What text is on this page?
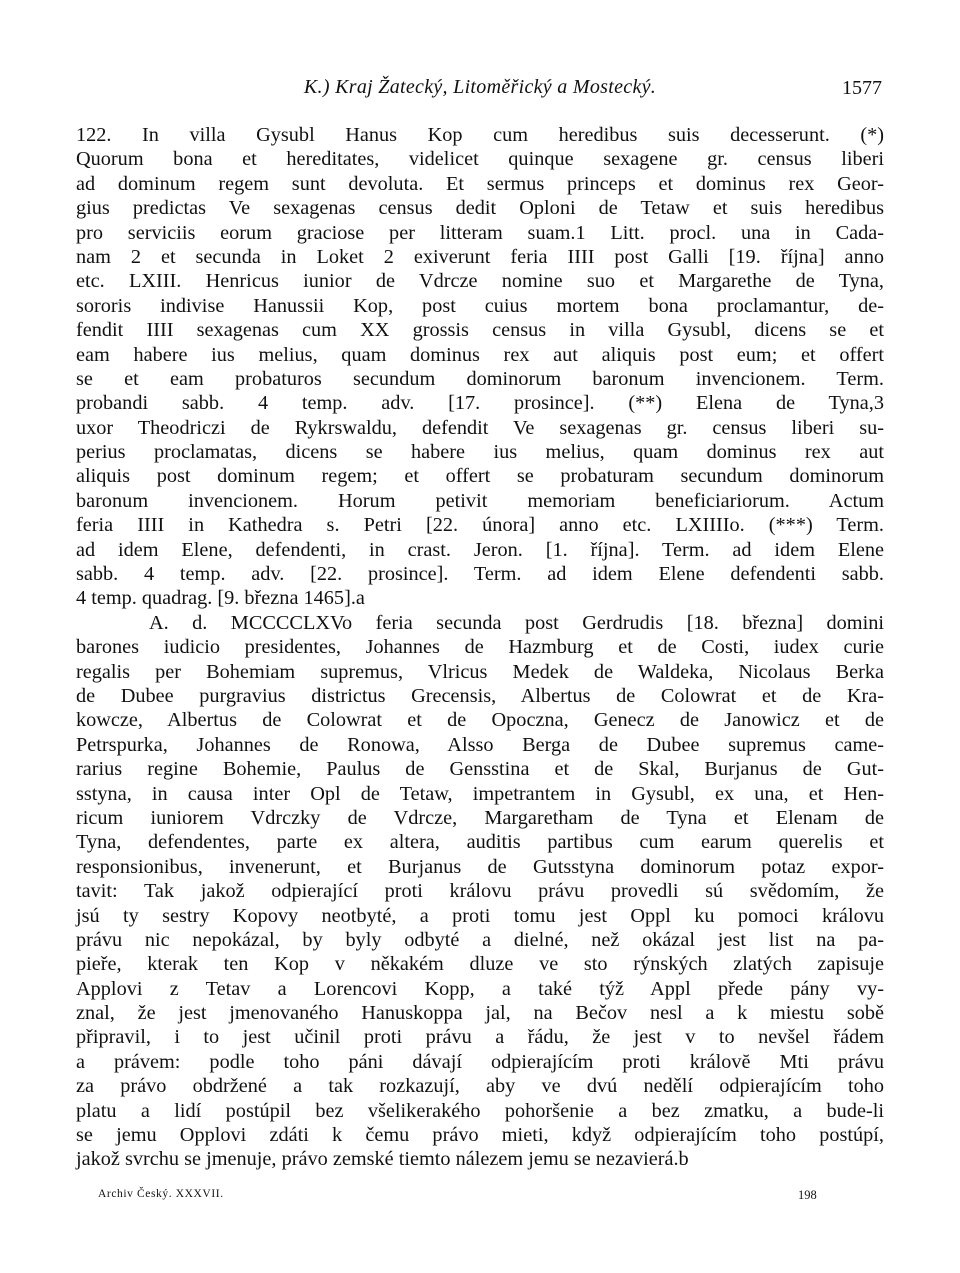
K.) Kraj Žatecký, Litoměřický a Mostecký.	1577
122. In villa Gysubl Hanus Kop cum heredibus suis decesserunt. (*)
Quorum bona et hereditates, videlicet quinque sexagene gr. census liberi
ad dominum regem sunt devoluta. Et sermus princeps et dominus rex Geor-
gius predictas Ve sexagenas census dedit Oploni de Tetaw et suis heredibus
pro serviciis eorum graciose per litteram suam.1 Litt. procl. una in Cada-
nam 2 et secunda in Loket 2 exiverunt feria IIII post Galli [19. října] anno
etc. LXIII. Henricus iunior de Vdrcze nomine suo et Margarethe de Tyna,
sororis indivise Hanussii Kop, post cuius mortem bona proclamantur, de-
fendit IIII sexagenas cum XX grossis census in villa Gysubl, dicens se et
eam habere ius melius, quam dominus rex aut aliquis post eum; et offert
se et eam probaturos secundum dominorum baronum invencionem. Term.
probandi sabb. 4 temp. adv. [17. prosince]. (**) Elena de Tyna,3
uxor Theodriczi de Rykrswaldu, defendit Ve sexagenas gr. census liberi su-
perius proclamatas, dicens se habere ius melius, quam dominus rex aut
aliquis post dominum regem; et offert se probaturam secundum dominorum
baronum invencionem. Horum petivit memoriam beneficiariorum. Actum
feria IIII in Kathedra s. Petri [22. února] anno etc. LXIIIIo. (***) Term.
ad idem Elene, defendenti, in crast. Jeron. [1. října]. Term. ad idem Elene
sabb. 4 temp. adv. [22. prosince]. Term. ad idem Elene defendenti sabb.
4 temp. quadrag. [9. března 1465].a
A. d. MCCCCLXVo feria secunda post Gerdrudis [18. března] domini
barones iudicio presidentes, Johannes de Hazmburg et de Costi, iudex curie
regalis per Bohemiam supremus, Vlricus Medek de Waldeka, Nicolaus Berka
de Dubee purgravius districtus Grecensis, Albertus de Colowrat et de Kra-
kowcze, Albertus de Colowrat et de Opoczna, Genecz de Janowicz et de
Petrspurka, Johannes de Ronowa, Alsso Berga de Dubee supremus came-
rarius regine Bohemie, Paulus de Gensstina et de Skal, Burjanus de Gut-
sstyna, in causa inter Opl de Tetaw, impetrantem in Gysubl, ex una, et Hen-
ricum iuniorem Vdrczky de Vdrcze, Margaretham de Tyna et Elenam de
Tyna, defendentes, parte ex altera, auditis partibus cum earum querelis et
responsionibus, invenerunt, et Burjanus de Gutsstyna dominorum potaz expor-
tavit: Tak jakož odpierající proti královu právu provedli sú svědomím, že
jsú ty sestry Kopovy neotbyté, a proti tomu jest Oppl ku pomoci královu
právu nic nepokázal, by byly odbyté a dielné, než okázal jest list na pa-
pieře, kterak ten Kop v někakém dluze ve sto rýnských zlatých zapisuje
Applovi z Tetav a Lorencovi Kopp, a také týž Appl přede pány vy-
znal, že jest jmenovaného Hanuskoppa jal, na Bečov nesl a k miestu sobě
připravil, i to jest učinil proti právu a řádu, že jest v to nevšel řádem
a právem: podle toho páni dávají odpierajícím proti královĕ Mti právu
za právo obdržené a tak rozkazují, aby ve dvú nedělí odpierajícím toho
platu a lidí postúpil bez všelikerakého pohoršenie a bez zmatku, a bude-li
se jemu Opplovi zdáti k čemu právo mieti, když odpierajícím toho postúpí,
jakož svrchu se jmenuje, právo zemské tiemto nálezem jemu se nezavierá.b
Archiv Český. XXXVII.	198
